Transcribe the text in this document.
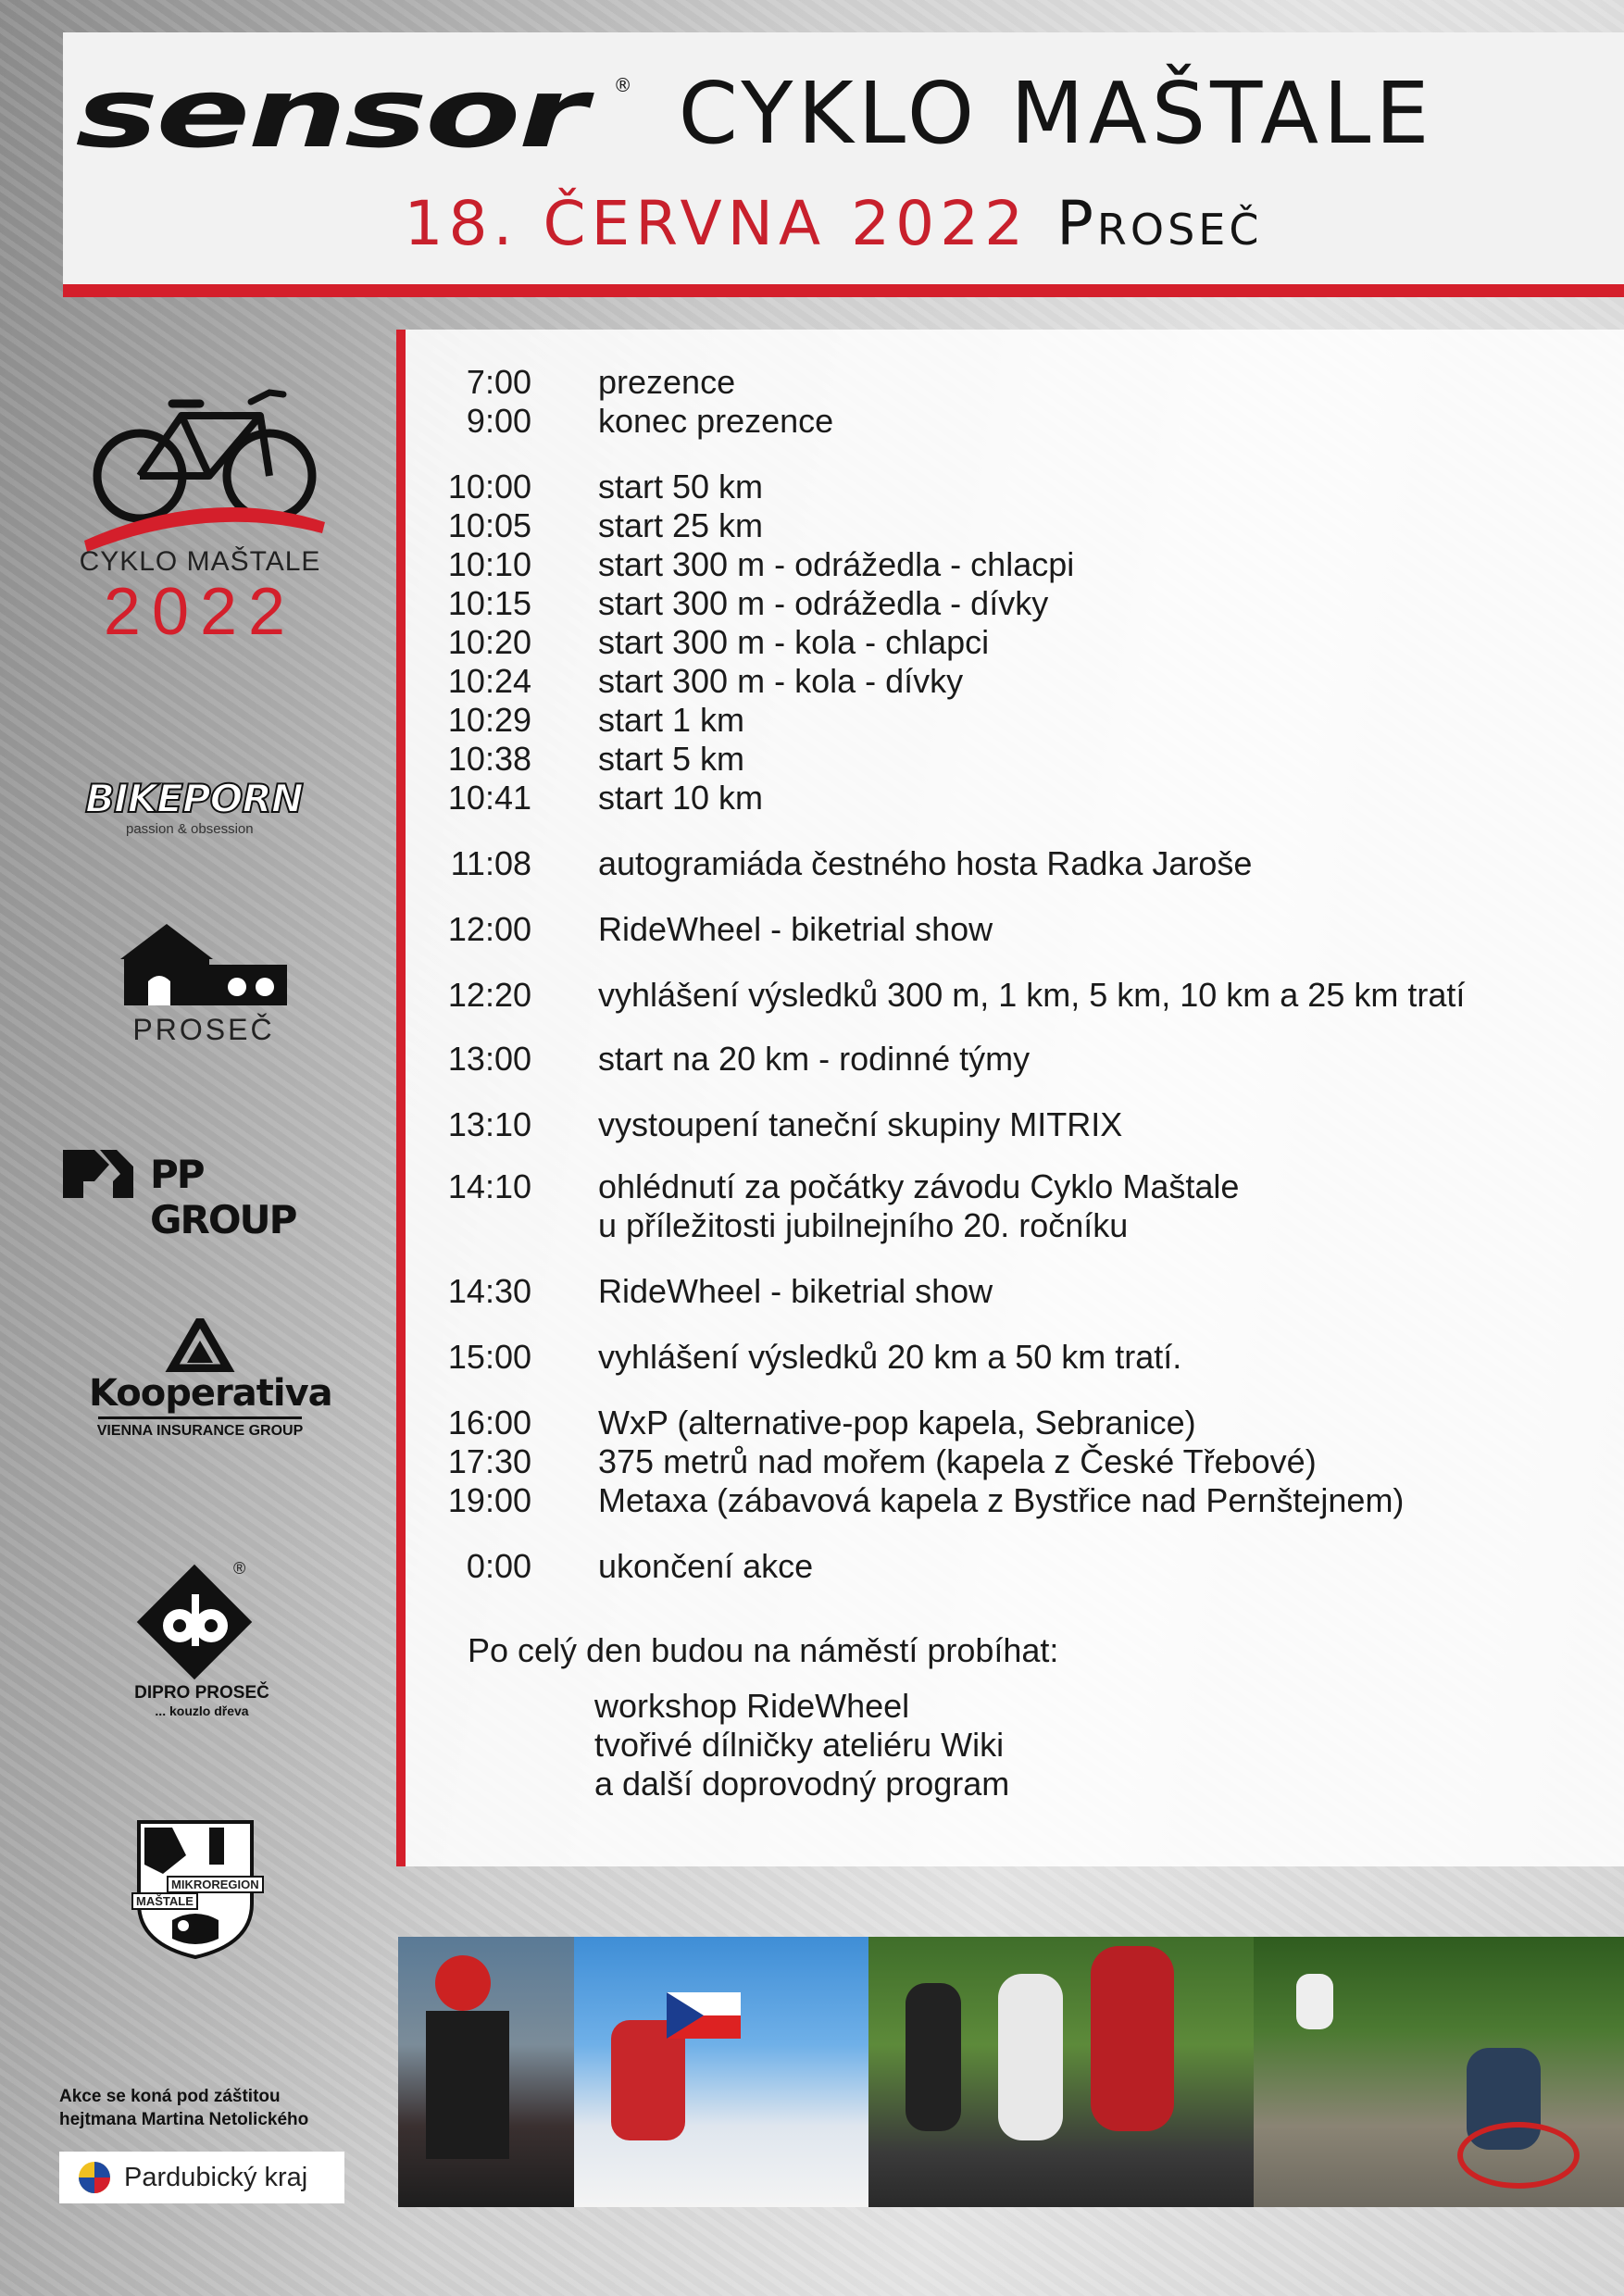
sensor ® CYKLO MAŠTALE
18. ČERVNA 2022 Proseč
7:00 prezence
9:00 konec prezence
10:00 start 50 km
10:05 start 25 km
10:10 start 300 m - odrážedla - chlacpi
10:15 start 300 m - odrážedla - dívky
10:20 start 300 m - kola - chlapci
10:24 start 300 m - kola - dívky
10:29 start 1 km
10:38 start 5 km
10:41 start 10 km
11:08 autogramiáda čestného hosta Radka Jaroše
12:00 RideWheel - biketrial show
12:20 vyhlášení výsledků 300 m, 1 km, 5 km, 10 km a 25 km tratí
13:00 start na 20 km - rodinné týmy
13:10 vystoupení taneční skupiny MITRIX
14:10 ohlédnutí za počátky závodu Cyklo Maštale
u příležitosti jubilnejního 20. ročníku
14:30 RideWheel - biketrial show
15:00 vyhlášení výsledků 20 km a 50 km tratí.
16:00 WxP (alternative-pop kapela, Sebranice)
17:30 375 metrů nad mořem (kapela z České Třebové)
19:00 Metaxa (zábavová kapela z Bystřice nad Pernštejnem)
0:00 ukončení akce
Po celý den budou na náměstí probíhat:
workshop RideWheel
tvořivé dílničky ateliéru Wiki
a další doprovodný program
CYKLO MAŠTALE
2022
BIKEPORN
passion & obsession
PROSEČ
PP GROUP
Kooperativa
VIENNA INSURANCE GROUP
®
DIPRO PROSEČ
... kouzlo dřeva
MIKROREGION
MAŠTALE
Akce se koná pod záštitou
hejtmana Martina Netolického
Pardubický kraj
